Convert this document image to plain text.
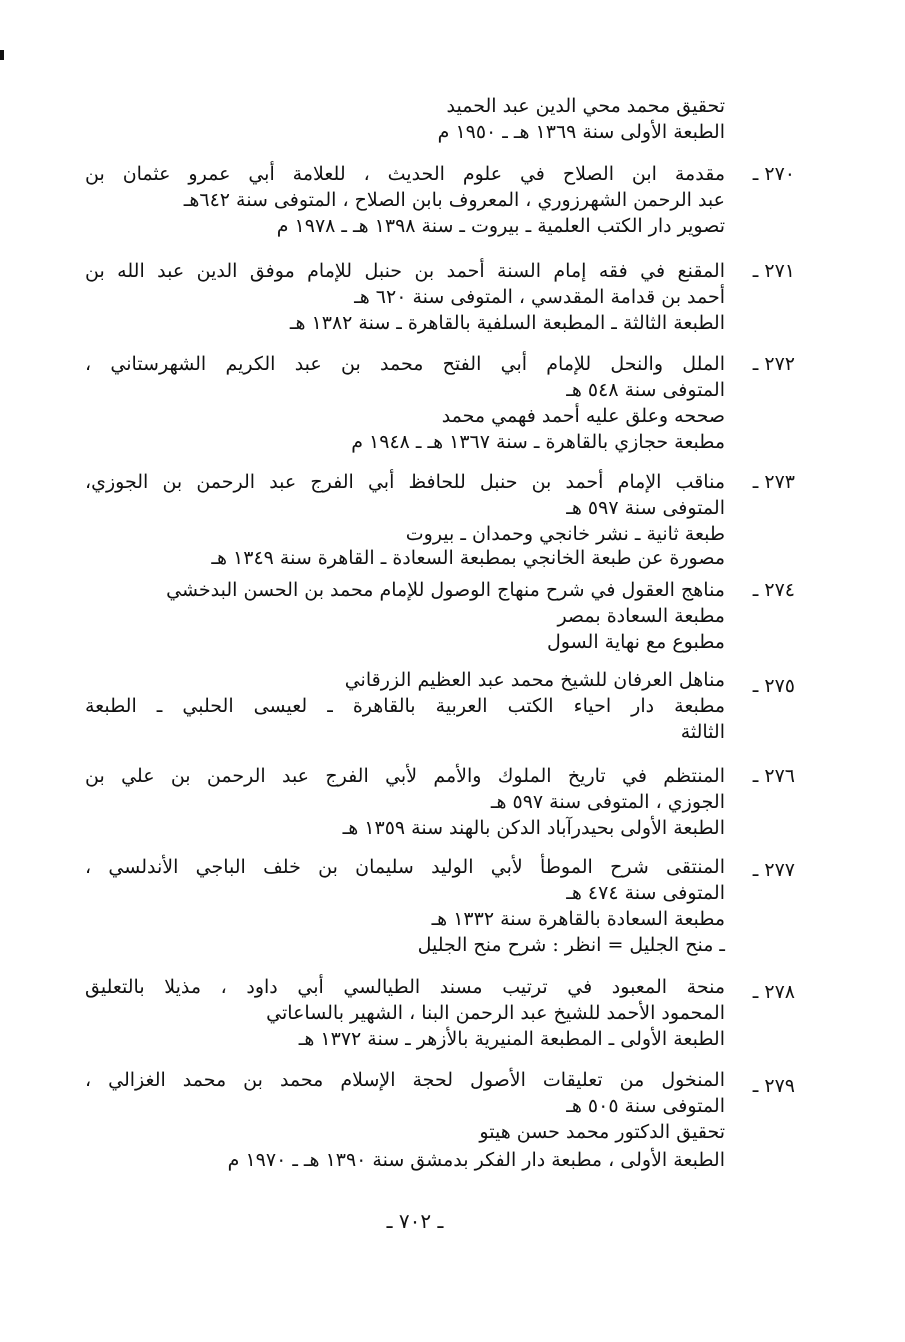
تحقيق محمد محي الدين عبد الحميد
الطبعة الأولى سنة ١٣٦٩ هـ ـ ١٩٥٠ م
٢٧٠ ـ
مقدمة ابن الصلاح في علوم الحديث ، للعلامة أبي عمرو عثمان بن
عبد الرحمن الشهرزوري ، المعروف بابن الصلاح ، المتوفى سنة ٦٤٢هـ
تصوير دار الكتب العلمية ـ بيروت ـ سنة ١٣٩٨ هـ ـ ١٩٧٨ م
٢٧١ ـ
المقنع في فقه إمام السنة أحمد بن حنبل للإمام موفق الدين عبد الله بن
أحمد بن قدامة المقدسي ، المتوفى سنة ٦٢٠ هـ
الطبعة الثالثة ـ المطبعة السلفية بالقاهرة ـ سنة ١٣٨٢ هـ
٢٧٢ ـ
الملل والنحل للإمام أبي الفتح محمد بن عبد الكريم الشهرستاني ،
المتوفى سنة ٥٤٨ هـ
صححه وعلق عليه أحمد فهمي محمد
مطبعة حجازي بالقاهرة ـ سنة ١٣٦٧ هـ ـ ١٩٤٨ م
٢٧٣ ـ
مناقب الإمام أحمد بن حنبل للحافظ أبي الفرج عبد الرحمن بن الجوزي،
المتوفى سنة ٥٩٧ هـ
طبعة ثانية ـ نشر خانجي وحمدان ـ بيروت
مصورة عن طبعة الخانجي بمطبعة السعادة ـ القاهرة سنة ١٣٤٩ هـ
٢٧٤ ـ
مناهج العقول في شرح منهاج الوصول للإمام محمد بن الحسن البدخشي
مطبعة السعادة بمصر
مطبوع مع نهاية السول
٢٧٥ ـ
مناهل العرفان للشيخ محمد عبد العظيم الزرقاني
مطبعة دار احياء الكتب العربية بالقاهرة ـ لعيسى الحلبي ـ الطبعة
الثالثة
٢٧٦ ـ
المنتظم في تاريخ الملوك والأمم لأبي الفرج عبد الرحمن بن علي بن
الجوزي ، المتوفى سنة ٥٩٧ هـ
الطبعة الأولى بحيدرآباد الدكن بالهند سنة ١٣٥٩ هـ
٢٧٧ ـ
المنتقى شرح الموطأ لأبي الوليد سليمان بن خلف الباجي الأندلسي ،
المتوفى سنة ٤٧٤ هـ
مطبعة السعادة بالقاهرة سنة ١٣٣٢ هـ
ـ منح الجليل = انظر : شرح منح الجليل
٢٧٨ ـ
منحة المعبود في ترتيب مسند الطيالسي أبي داود ، مذيلا بالتعليق
المحمود الأحمد للشيخ عبد الرحمن البنا ، الشهير بالساعاتي
الطبعة الأولى ـ المطبعة المنيرية بالأزهر ـ سنة ١٣٧٢ هـ
٢٧٩ ـ
المنخول من تعليقات الأصول لحجة الإسلام محمد بن محمد الغزالي ،
المتوفى سنة ٥٠٥ هـ
تحقيق الدكتور محمد حسن هيتو
الطبعة الأولى ، مطبعة دار الفكر بدمشق سنة ١٣٩٠ هـ ـ ١٩٧٠ م
ـ ٧٠٢ ـ
